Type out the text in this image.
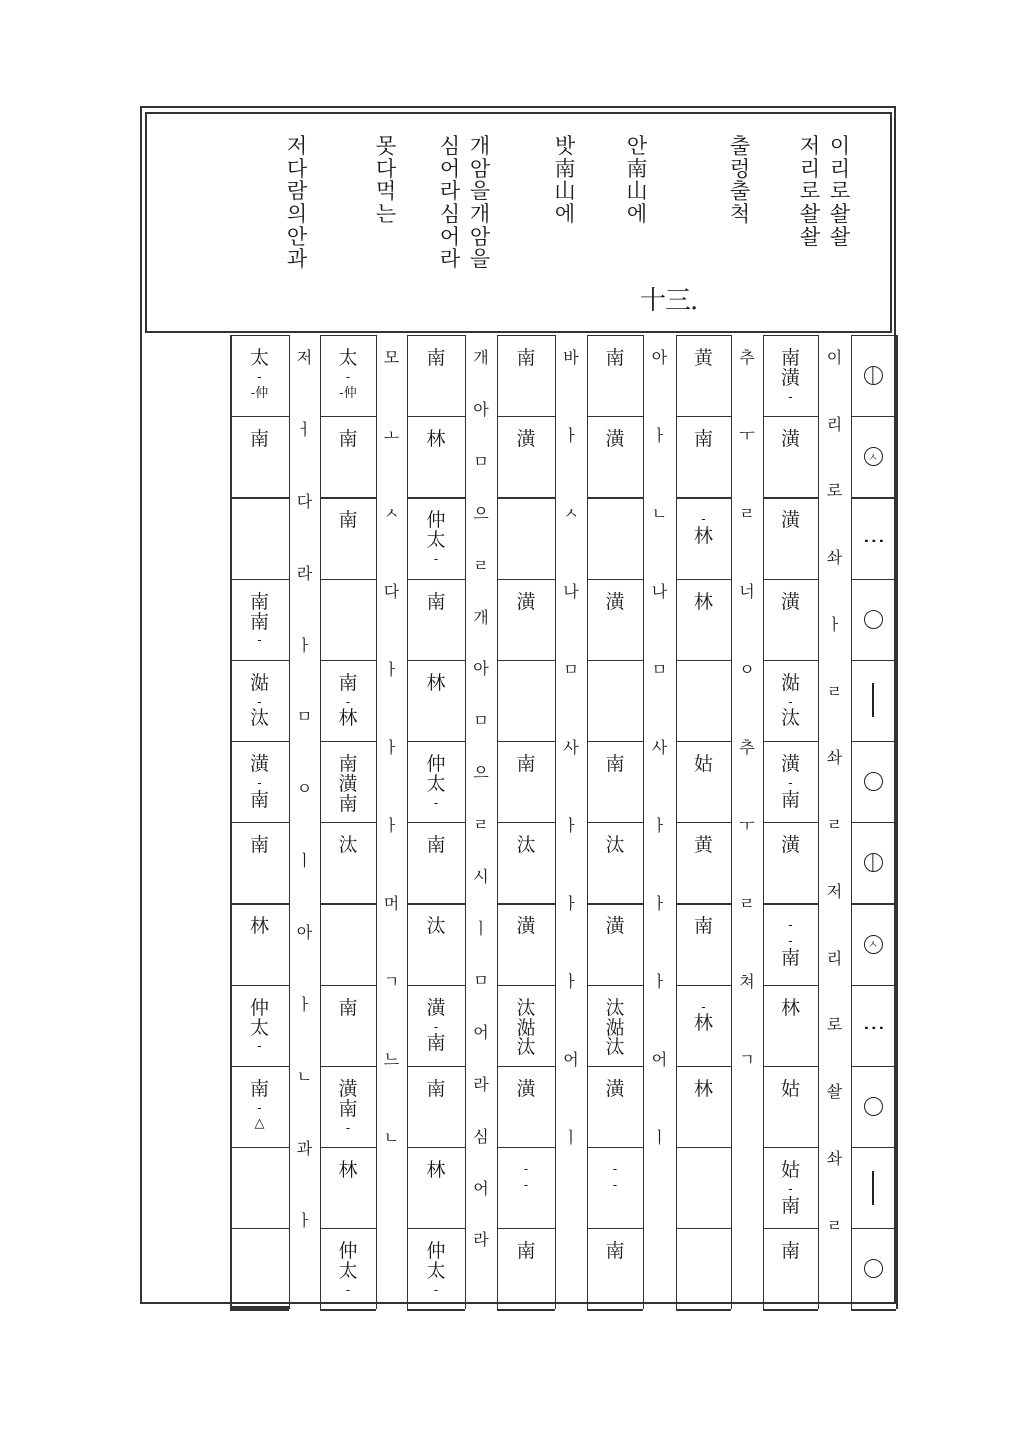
이
리
로
솰
솰
저
리
로
솰
솰
출
렁
출
척
안
南
山
에
밧
南
山
에
개
암
을
개
암
을
심
어
라
심
어
라
못
다
먹
는
저
다
람
의
안
과
十三.
ㅅ
⋮
ㅅ
⋮
南
潢
-
潢
潢
潢
㴌
-
汰
潢
-
南
潢
-
-
南
林
姑
姑
-
南
南
이
리
로
솨
ㅏ
ㄹ
솨
ㄹ
저
리
로
솰
솨
ㄹ
黄
南
-
林
林
姑
黄
南
-
林
林
추
ㅜ
ㄹ
너
ㅇ
추
ㅜ
ㄹ
쳐
ㄱ
南
潢
潢
南
汰
潢
汰
㴌
汰
潢
-
-
南
아
ㅏ
ㄴ
나
ㅁ
사
ㅏ
ㅏ
ㅏ
어
ㅣ
南
潢
潢
南
汰
潢
汰
㴌
汰
潢
-
-
南
바
ㅏ
ㅅ
나
ㅁ
사
ㅏ
ㅏ
ㅏ
어
ㅣ
南
林
仲
太
-
南
林
仲
太
-
南
汰
潢
-
南
南
林
仲
太
-
개
아
ㅁ
으
ㄹ
개
아
ㅁ
으
ㄹ
시
ㅣ
ㅁ
어
라
심
어
라
太
-
-仲
南
南
南
-
林
南
潢
南
汰
南
潢
南
-
林
仲
太
-
모
ㅗ
ㅅ
다
ㅏ
ㅏ
ㅏ
머
ㄱ
느
ㄴ
太
-
-仲
南
南
南
-
㴌
-
汰
潢
-
南
南
林
仲
太
-
南
-
△
저
ㅓ
다
라
ㅏ
ㅁ
ㅇ
ㅣ
아
ㅏ
ㄴ
과
ㅏ
